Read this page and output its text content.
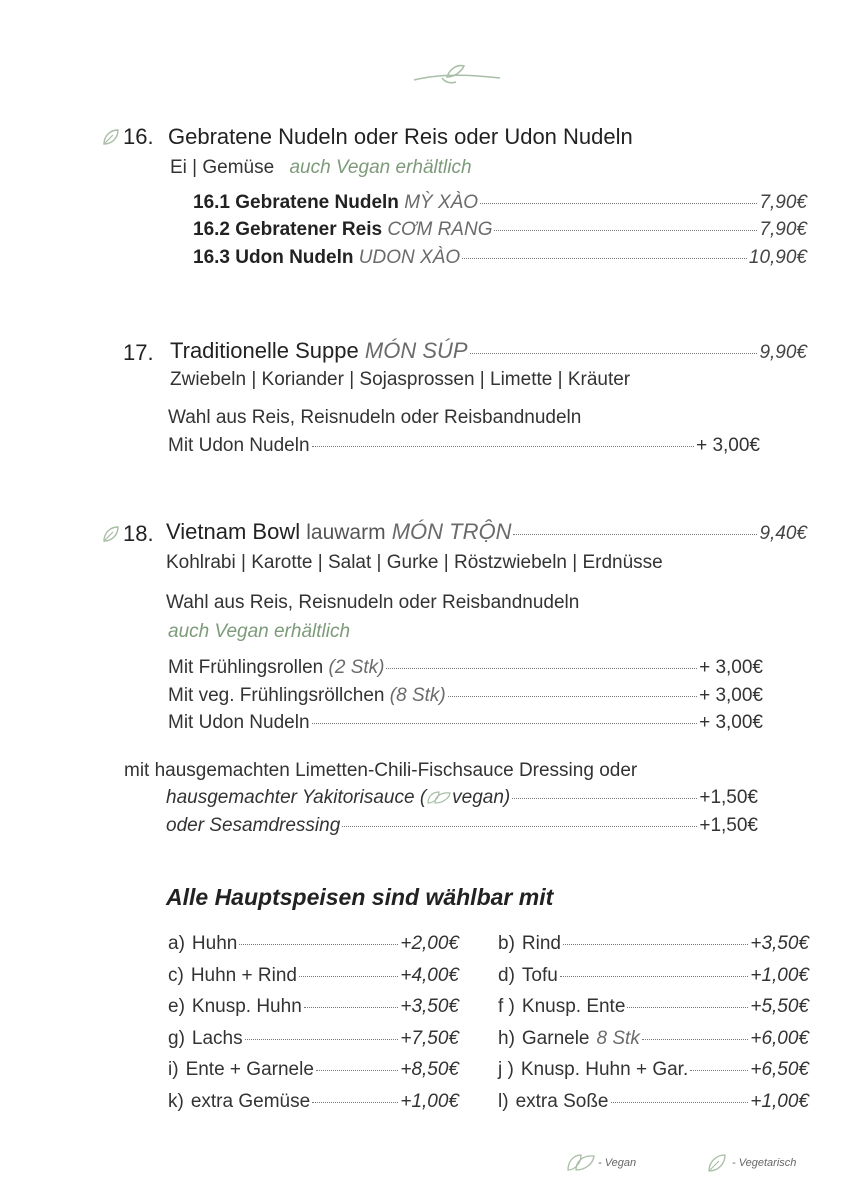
16. Gebratene Nudeln oder Reis oder Udon Nudeln
Ei | Gemüse auch Vegan erhältlich
16.1 Gebratene Nudeln MỲ XÀO	7,90€
16.2 Gebratener Reis CƠM RANG	7,90€
16.3 Udon Nudeln UDON XÀO	10,90€
17. Traditionelle Suppe MÓN SÚP	9,90€
Zwiebeln | Koriander | Sojasprossen | Limette | Kräuter
Wahl aus Reis, Reisnudeln oder Reisbandnudeln
Mit Udon Nudeln	+ 3,00€
18. Vietnam Bowl lauwarm MÓN TRỘN	9,40€
Kohlrabi | Karotte | Salat | Gurke | Röstzwiebeln | Erdnüsse
Wahl aus Reis, Reisnudeln oder Reisbandnudeln
auch Vegan erhältlich
Mit Frühlingsrollen (2 Stk)	+ 3,00€
Mit veg. Frühlingsröllchen (8 Stk)	+ 3,00€
Mit Udon Nudeln	+ 3,00€
mit hausgemachten Limetten-Chili-Fischsauce Dressing oder
hausgemachter Yakitorisauce ( vegan)	+1,50€
oder Sesamdressing	+1,50€
Alle Hauptspeisen sind wählbar mit
a) Huhn	+2,00€
c) Huhn + Rind	+4,00€
e) Knusp. Huhn	+3,50€
g) Lachs	+7,50€
i) Ente + Garnele	+8,50€
k) extra Gemüse	+1,00€
b) Rind	+3,50€
d) Tofu	+1,00€
f ) Knusp. Ente	+5,50€
h) Garnele 8 Stk	+6,00€
j ) Knusp. Huhn + Gar.	+6,50€
l) extra Soße	+1,00€
- Vegan	- Vegetarisch
